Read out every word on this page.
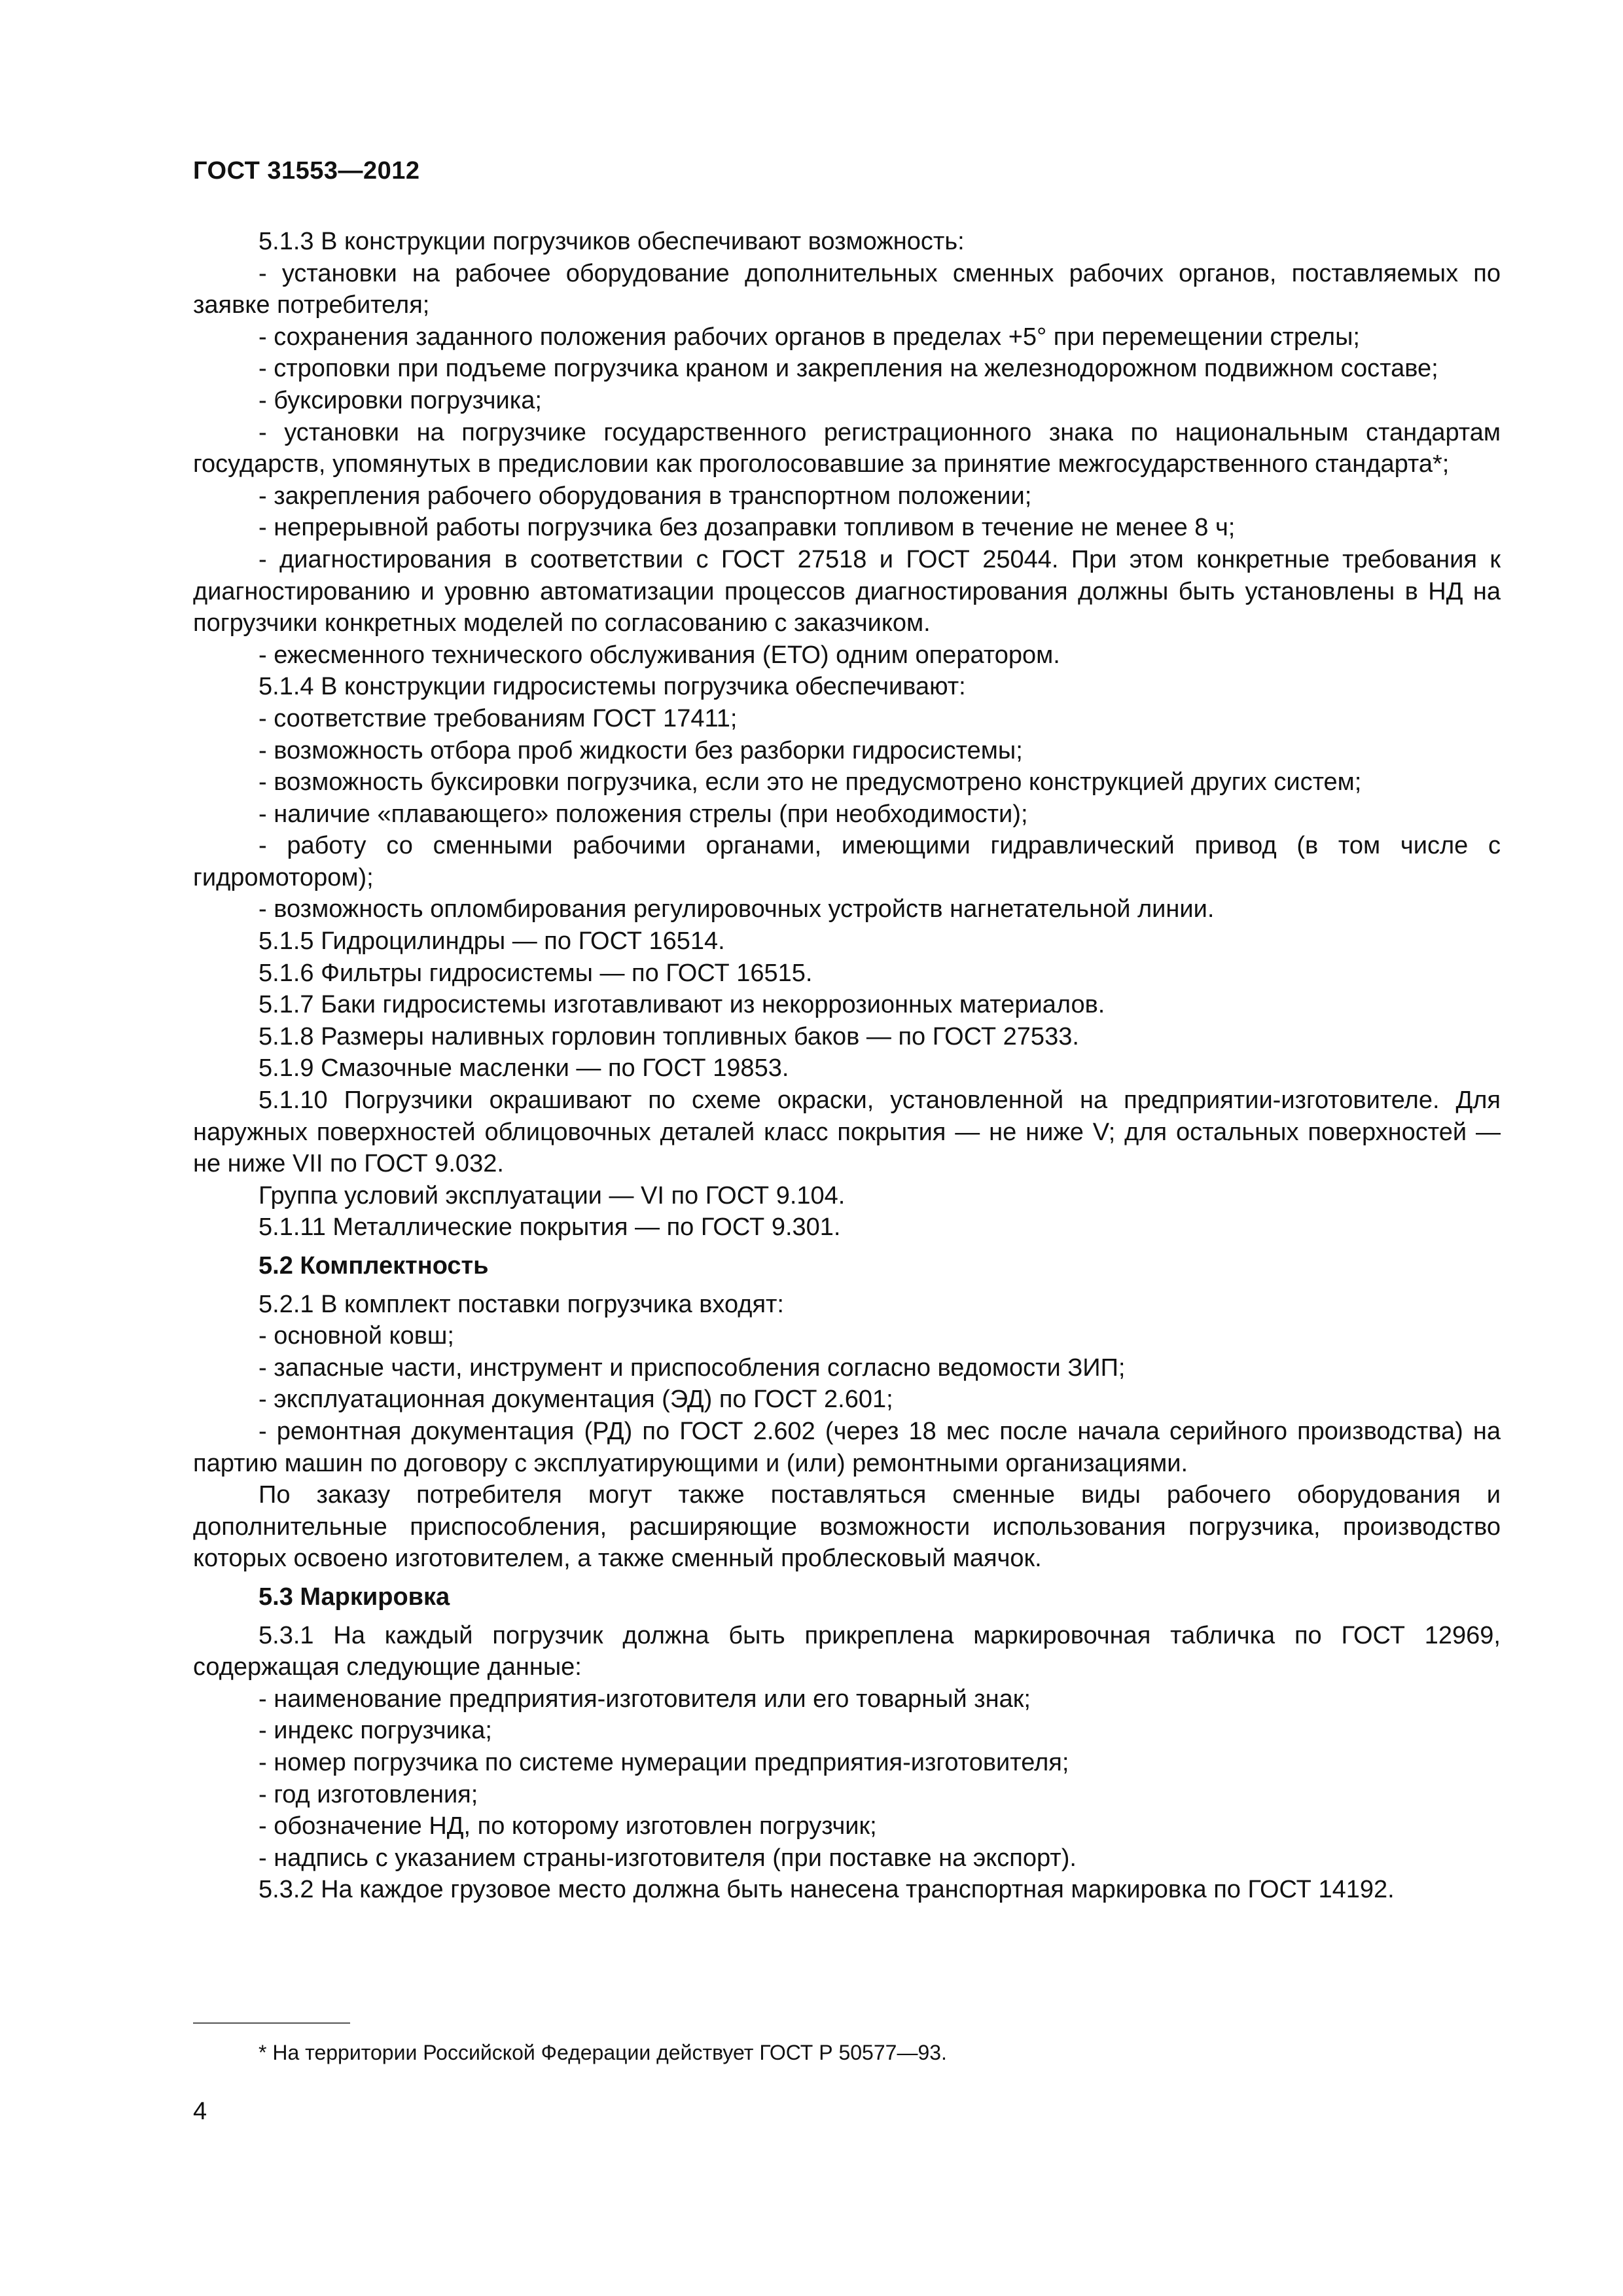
ГОСТ 31553—2012

5.1.3 В конструкции погрузчиков обеспечивают возможность:

- установки на рабочее оборудование дополнительных сменных рабочих органов, поставляемых по заявке потребителя;

- сохранения заданного положения рабочих органов в пределах +5° при перемещении стрелы;

- строповки при подъеме погрузчика краном и закрепления на железнодорожном подвижном составе;

- буксировки погрузчика;

- установки на погрузчике государственного регистрационного знака по национальным стандартам государств, упомянутых в предисловии как проголосовавшие за принятие межгосударственного стандарта*;

- закрепления рабочего оборудования в транспортном положении;

- непрерывной работы погрузчика без дозаправки топливом в течение не менее 8 ч;

- диагностирования в соответствии с ГОСТ 27518 и ГОСТ 25044. При этом конкретные требования к диагностированию и уровню автоматизации процессов диагностирования должны быть установлены в НД на погрузчики конкретных моделей по согласованию с заказчиком.

- ежесменного технического обслуживания (ЕТО) одним оператором.

5.1.4 В конструкции гидросистемы погрузчика обеспечивают:

- соответствие требованиям ГОСТ 17411;

- возможность отбора проб жидкости без разборки гидросистемы;

- возможность буксировки погрузчика, если это не предусмотрено конструкцией других систем;

- наличие «плавающего» положения стрелы (при необходимости);

- работу со сменными рабочими органами, имеющими гидравлический привод (в том числе с гидромотором);

- возможность опломбирования регулировочных устройств нагнетательной линии.

5.1.5 Гидроцилиндры — по ГОСТ 16514.

5.1.6 Фильтры гидросистемы — по ГОСТ 16515.

5.1.7 Баки гидросистемы изготавливают из некоррозионных материалов.

5.1.8 Размеры наливных горловин топливных баков — по ГОСТ 27533.

5.1.9 Смазочные масленки — по ГОСТ 19853.

5.1.10 Погрузчики окрашивают по схеме окраски, установленной на предприятии-изготовителе. Для наружных поверхностей облицовочных деталей класс покрытия — не ниже V; для остальных поверхностей — не ниже VII по ГОСТ 9.032.

Группа условий эксплуатации — VI по ГОСТ 9.104.

5.1.11 Металлические покрытия — по ГОСТ 9.301.

5.2 Комплектность

5.2.1 В комплект поставки погрузчика входят:

- основной ковш;

- запасные части, инструмент и приспособления согласно ведомости ЗИП;

- эксплуатационная документация (ЭД) по ГОСТ 2.601;

- ремонтная документация (РД) по ГОСТ 2.602 (через 18 мес после начала серийного производства) на партию машин по договору с эксплуатирующими и (или) ремонтными организациями.

По заказу потребителя могут также поставляться сменные виды рабочего оборудования и дополнительные приспособления, расширяющие возможности использования погрузчика, производство которых освоено изготовителем, а также сменный проблесковый маячок.

5.3 Маркировка

5.3.1 На каждый погрузчик должна быть прикреплена маркировочная табличка по ГОСТ 12969, содержащая следующие данные:

- наименование предприятия-изготовителя или его товарный знак;

- индекс погрузчика;

- номер погрузчика по системе нумерации предприятия-изготовителя;

- год изготовления;

- обозначение НД, по которому изготовлен погрузчик;

- надпись с указанием страны-изготовителя (при поставке на экспорт).

5.3.2 На каждое грузовое место должна быть нанесена транспортная маркировка по ГОСТ 14192.

* На территории Российской Федерации действует ГОСТ Р 50577—93.
4
